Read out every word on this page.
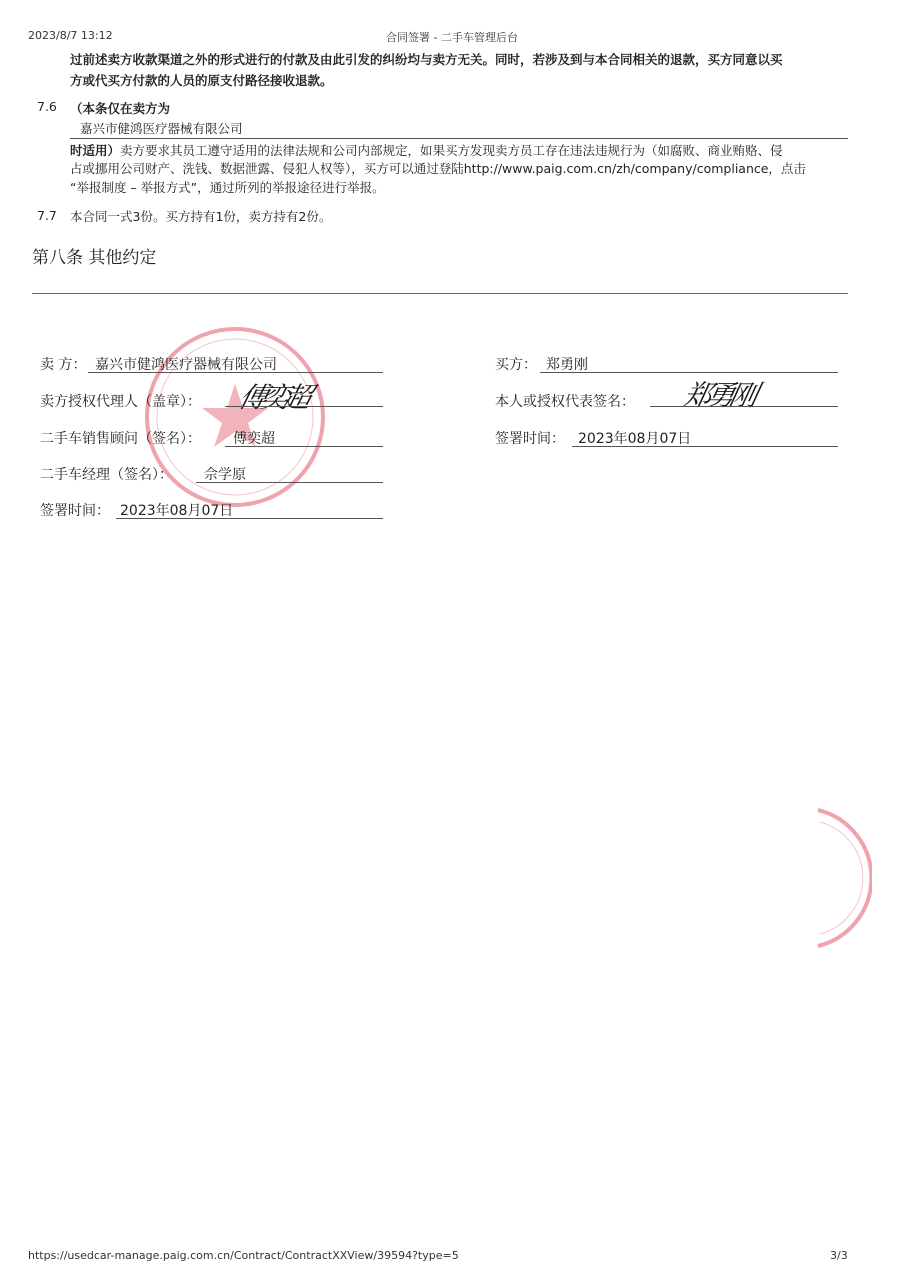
2023/8/7 13:12	合同签署 - 二手车管理后台
过前述卖方收款渠道之外的形式进行的付款及由此引发的纠纷均与卖方无关。同时，若涉及到与本合同相关的退款，买方同意以买
方或代买方付款的人员的原支付路径接收退款。
7.6 （本条仅在卖方为
嘉兴市健鸿医疗器械有限公司
时适用）卖方要求其员工遵守适用的法律法规和公司内部规定，如果买方发现卖方员工存在违法违规行为（如腐败、商业贿赂、侵
占或挪用公司财产、洗钱、数据泄露、侵犯人权等），买方可以通过登陆http://www.paig.com.cn/zh/company/compliance，点击
“举报制度 – 举报方式”，通过所列的举报途径进行举报。
7.7 本合同一式3份。买方持有1份，卖方持有2份。
第八条 其他约定
卖 方： 嘉兴市健鸿医疗器械有限公司
卖方授权代理人（盖章）： 傅奕超
二手车销售顾问（签名）： 傅奕超
二手车经理（签名）： 佘学原
签署时间： 2023年08月07日
买方： 郑勇刚
本人或授权代表签名： 郑勇刚
签署时间： 2023年08月07日
https://usedcar-manage.paig.com.cn/Contract/ContractXXView/39594?type=5	3/3
